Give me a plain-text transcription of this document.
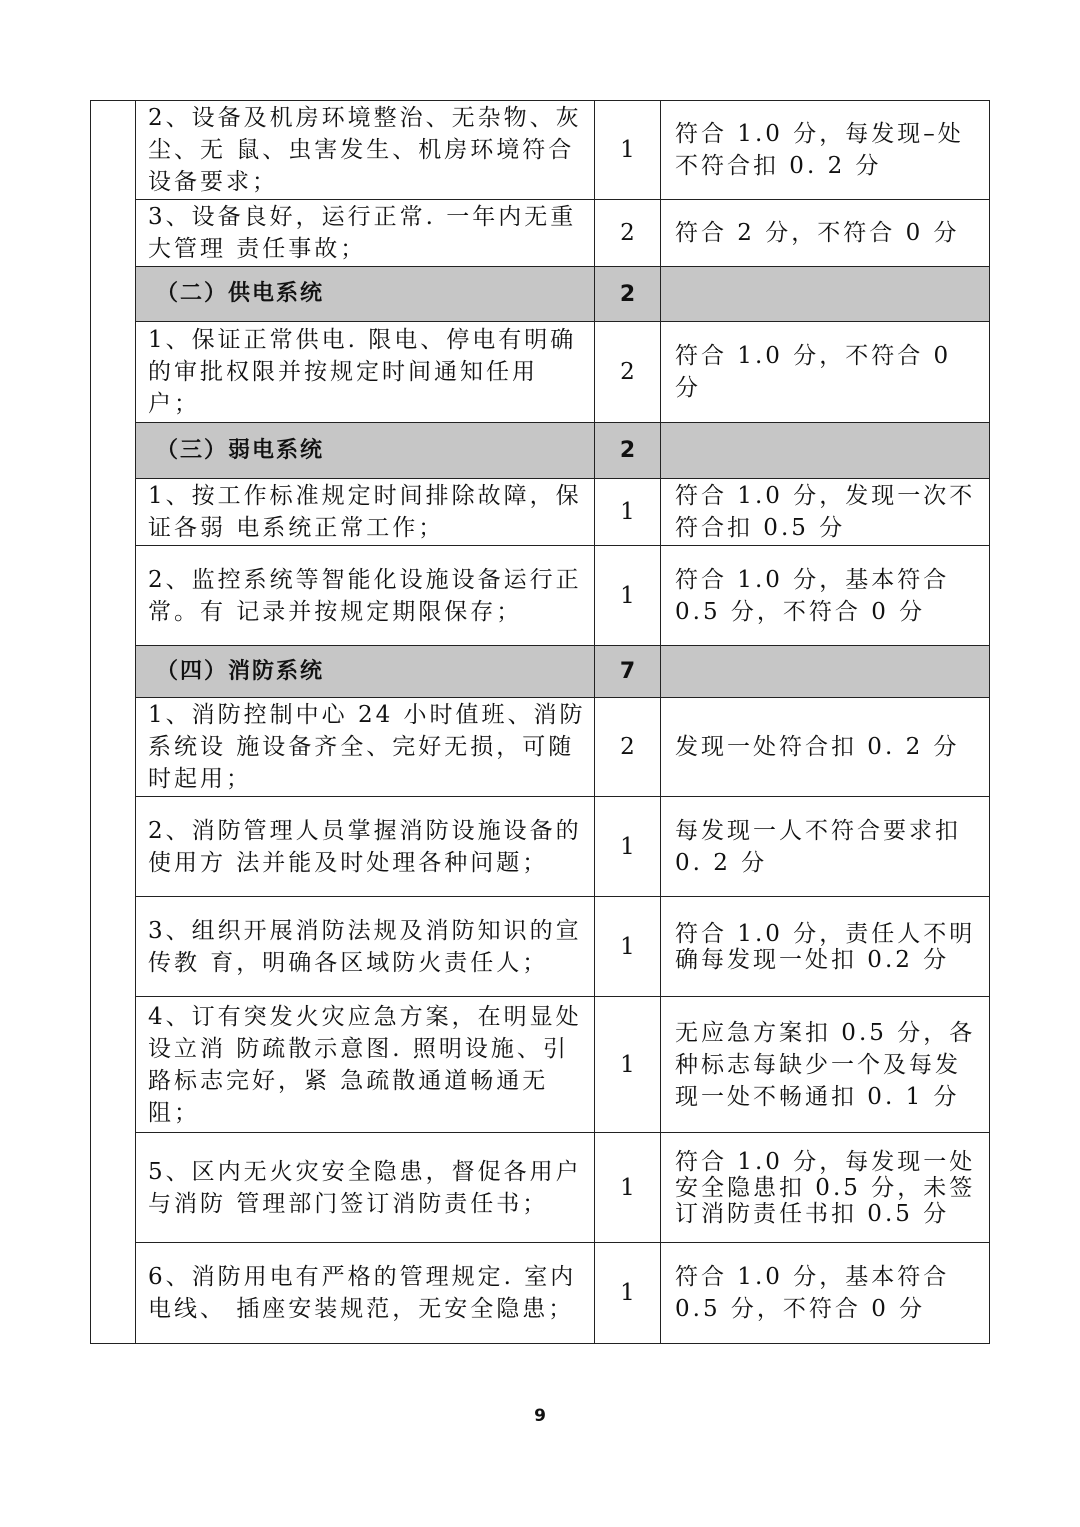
	2、设备及机房环境整治、无杂物、灰尘、无 鼠、虫害发生、机房环境符合设备要求；	1	符合 1.0 分，每发现–处不符合扣 0. 2 分
	3、设备良好，运行正常. 一年内无重大管理 责任事故；	2	符合 2 分，不符合 0 分
	（二）供电系统	2	
	1、保证正常供电. 限电、停电有明确的审批权限并按规定时间通知任用户；	2	符合 1.0 分，不符合 0 分
	（三）弱电系统	2	
	1、按工作标准规定时间排除故障，保证各弱 电系统正常工作；	1	符合 1.0 分，发现一次不符合扣 0.5 分
	2、监控系统等智能化设施设备运行正常。有 记录并按规定期限保存；	1	符合 1.0 分，基本符合 0.5 分，不符合 0 分
	（四）消防系统	7	
	1、消防控制中心 24 小时值班、消防系统设 施设备齐全、完好无损，可随时起用；	2	发现一处符合扣 0. 2 分
	2、消防管理人员掌握消防设施设备的使用方 法并能及时处理各种问题；	1	每发现一人不符合要求扣 0. 2 分
	3、组织开展消防法规及消防知识的宣传教 育，明确各区域防火责任人；	1	符合 1.0 分，责任人不明确每发现一处扣 0.2 分
	4、订有突发火灾应急方案，在明显处设立消 防疏散示意图. 照明设施、引路标志完好，紧 急疏散通道畅通无阻；	1	无应急方案扣 0.5 分，各种标志每缺少一个及每发现一处不畅通扣 0. 1 分
	5、区内无火灾安全隐患，督促各用户与消防 管理部门签订消防责任书；	1	符合 1.0 分，每发现一处安全隐患扣 0.5 分，未签订消防责任书扣 0.5 分
	6、消防用电有严格的管理规定. 室内电线、 插座安装规范，无安全隐患；	1	符合 1.0 分，基本符合 0.5 分，不符合 0 分
9
